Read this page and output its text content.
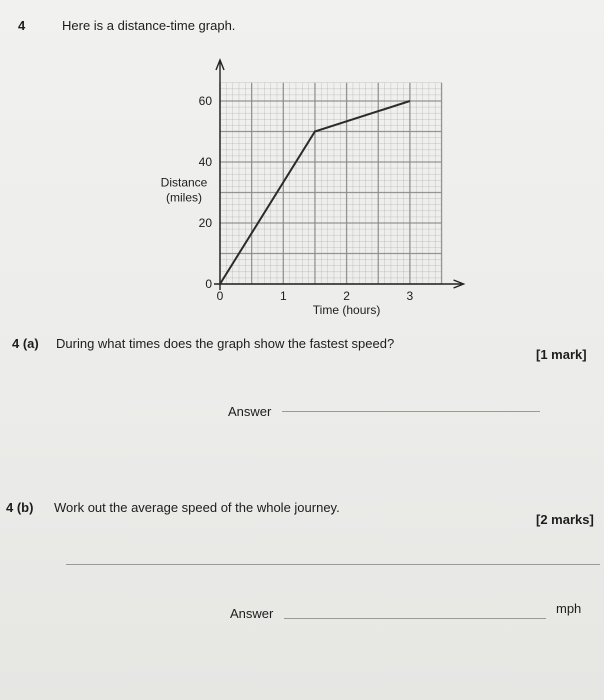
4	Here is a distance-time graph.
0	1	2	3
0
20
40
60
Time (hours)
Distance
(miles)
4 (a) During what times does the graph show the fastest speed?
[1 mark]
Answer
4 (b) Work out the average speed of the whole journey.
[2 marks]
Answer	mph
